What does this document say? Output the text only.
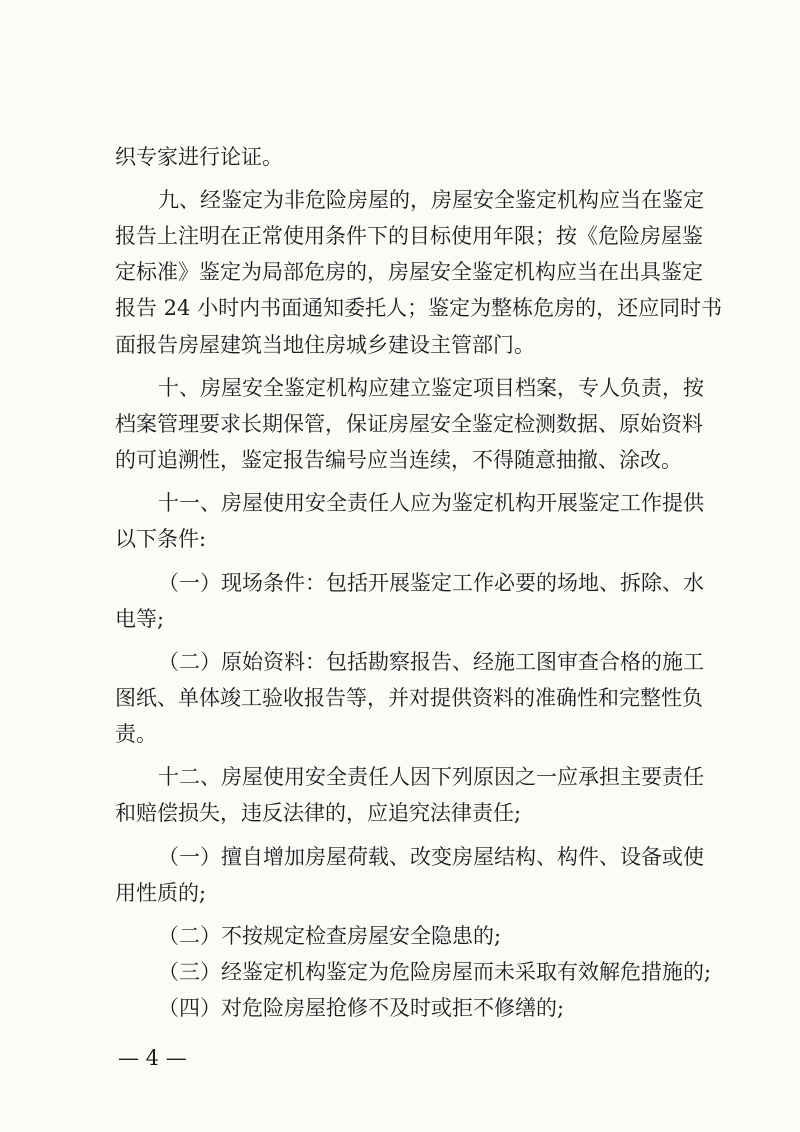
织专家进行论证。
九、经鉴定为非危险房屋的，房屋安全鉴定机构应当在鉴定
报告上注明在正常使用条件下的目标使用年限；按《危险房屋鉴
定标准》鉴定为局部危房的，房屋安全鉴定机构应当在出具鉴定
报告 24 小时内书面通知委托人；鉴定为整栋危房的，还应同时书
面报告房屋建筑当地住房城乡建设主管部门。
十、房屋安全鉴定机构应建立鉴定项目档案，专人负责，按
档案管理要求长期保管，保证房屋安全鉴定检测数据、原始资料
的可追溯性，鉴定报告编号应当连续，不得随意抽撤、涂改。
十一、房屋使用安全责任人应为鉴定机构开展鉴定工作提供
以下条件:
（一）现场条件：包括开展鉴定工作必要的场地、拆除、水
电等;
（二）原始资料：包括勘察报告、经施工图审查合格的施工
图纸、单体竣工验收报告等，并对提供资料的准确性和完整性负
责。
十二、房屋使用安全责任人因下列原因之一应承担主要责任
和赔偿损失，违反法律的，应追究法律责任;
（一）擅自增加房屋荷载、改变房屋结构、构件、设备或使
用性质的;
（二）不按规定检查房屋安全隐患的;
（三）经鉴定机构鉴定为危险房屋而未采取有效解危措施的;
（四）对危险房屋抢修不及时或拒不修缮的;
— 4 —
